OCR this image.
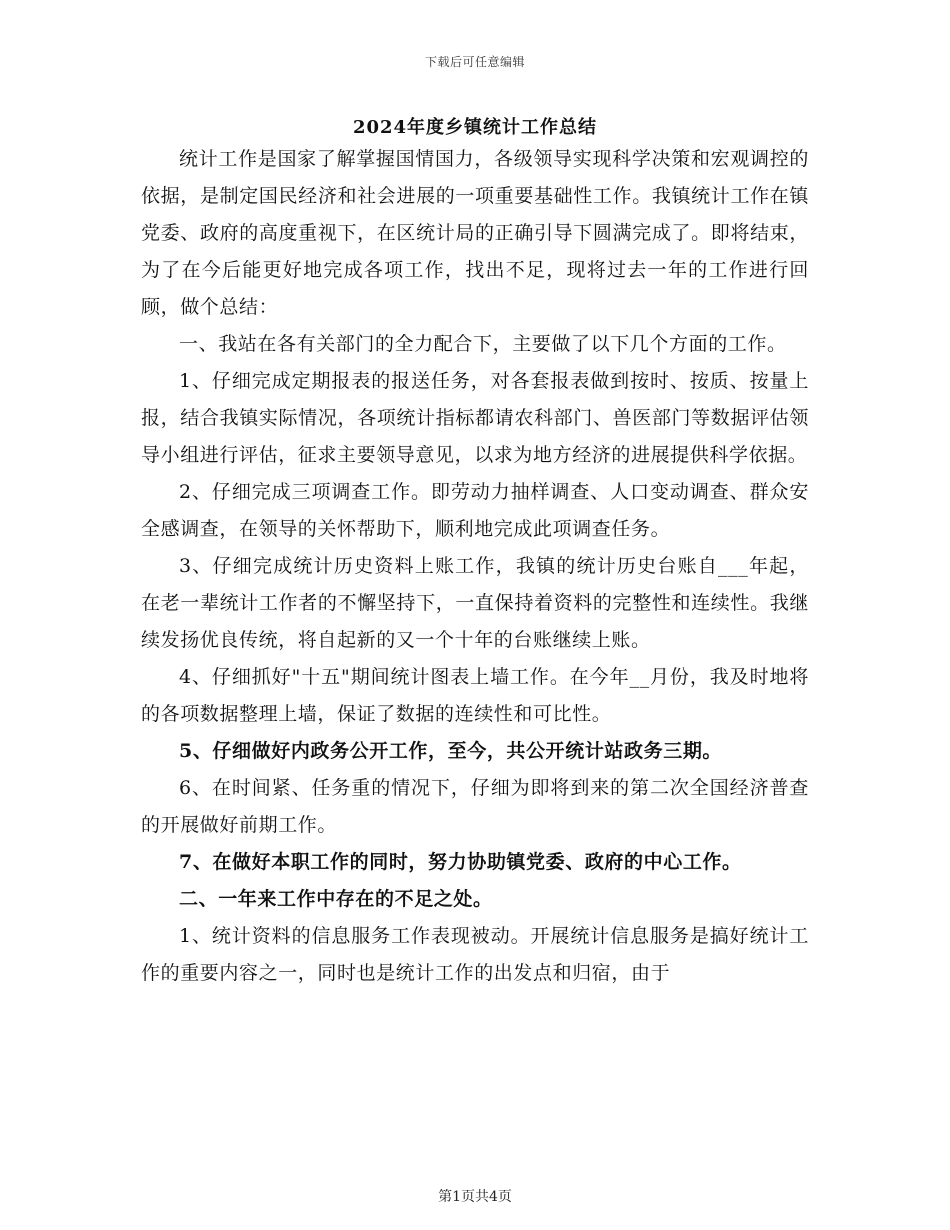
下载后可任意编辑
2024年度乡镇统计工作总结

统计工作是国家了解掌握国情国力，各级领导实现科学决策和宏观调控的依据，是制定国民经济和社会进展的一项重要基础性工作。我镇统计工作在镇党委、政府的高度重视下，在区统计局的正确引导下圆满完成了。即将结束，为了在今后能更好地完成各项工作，找出不足，现将过去一年的工作进行回顾，做个总结：

一、我站在各有关部门的全力配合下，主要做了以下几个方面的工作。

1、仔细完成定期报表的报送任务，对各套报表做到按时、按质、按量上报，结合我镇实际情况，各项统计指标都请农科部门、兽医部门等数据评估领导小组进行评估，征求主要领导意见，以求为地方经济的进展提供科学依据。

2、仔细完成三项调查工作。即劳动力抽样调查、人口变动调查、群众安全感调查，在领导的关怀帮助下，顺利地完成此项调查任务。

3、仔细完成统计历史资料上账工作，我镇的统计历史台账自___年起，在老一辈统计工作者的不懈坚持下，一直保持着资料的完整性和连续性。我继续发扬优良传统，将自起新的又一个十年的台账继续上账。

4、仔细抓好"十五"期间统计图表上墙工作。在今年__月份，我及时地将的各项数据整理上墙，保证了数据的连续性和可比性。

5、仔细做好内政务公开工作，至今，共公开统计站政务三期。

6、在时间紧、任务重的情况下，仔细为即将到来的第二次全国经济普查的开展做好前期工作。

7、在做好本职工作的同时，努力协助镇党委、政府的中心工作。

二、一年来工作中存在的不足之处。

1、统计资料的信息服务工作表现被动。开展统计信息服务是搞好统计工作的重要内容之一，同时也是统计工作的出发点和归宿，由于

第1页共4页
